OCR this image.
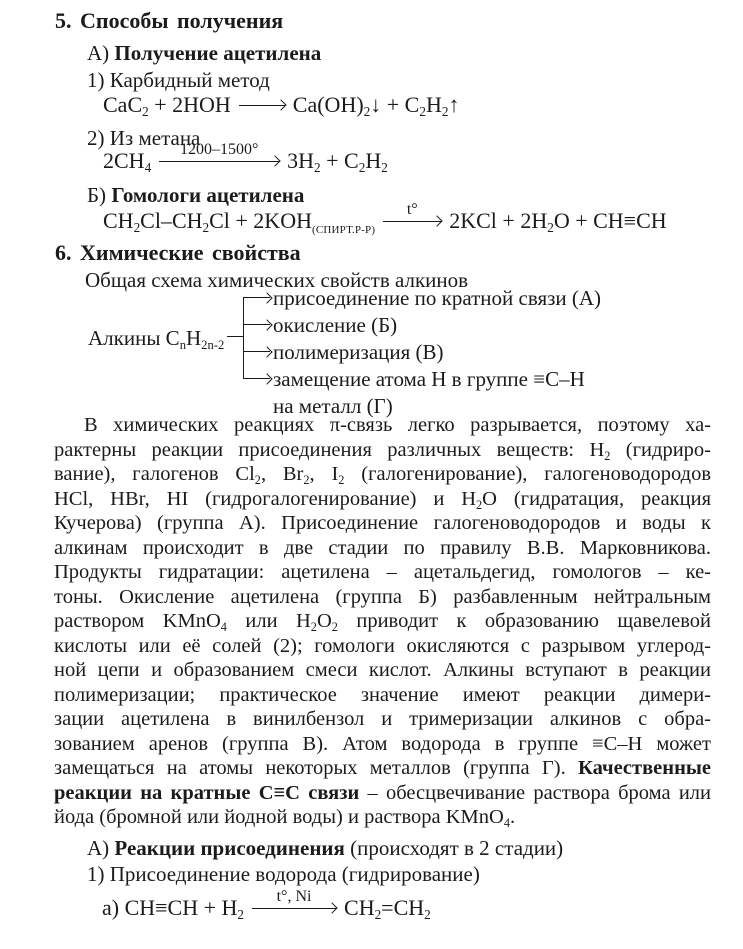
5. Способы получения
А) Получение ацетилена
1) Карбидный метод
CaC$_2$ + 2HOH	$Ca(OH)_2↓$ + $C_2H_2↑$
2) Из метана
$2CH_4$
1200–1500°	$3H_2 + C_2H_2$
Б) Гомологи ацетилена
$CH_2Cl-CH_2Cl + 2KOH_{(СПИРТ.Р-Р)}$
t°	$2KCl + 2H_2O + CH\equiv CH$
6. Химические свойства
Общая схема химических свойств алкинов
Алкины $C_nH_{2n-2}$
присоединение по кратной связи (А)
окисление (Б)
полимеризация (В)
замещение атома Н в группе ≡С–Н
на металл (Г)
В химических реакциях π-связь легко разрывается, поэтому ха-
рактерны реакции присоединения различных веществ: $H_2$ (гидриро-
вание), галогенов $Cl_2$, $Br_2$, $I_2$ (галогенирование), галогеноводородов
HCl, HBr, HI (гидрогалогенирование) и $H_2O$ (гидратация, реакция
Кучерова) (группа А). Присоединение галогеноводородов и воды к
алкинам происходит в две стадии по правилу В.В. Марковникова.
Продукты гидратации: ацетилена – ацетальдегид, гомологов – ке-
тоны. Окисление ацетилена (группа Б) разбавленным нейтральным
раствором KMnO$_4$ или $H_2O_2$ приводит к образованию щавелевой
кислоты или её солей (2); гомологи окисляются с разрывом углерод-
ной цепи и образованием смеси кислот. Алкины вступают в реакции
полимеризации; практическое значение имеют реакции димери-
зации ацетилена в винилбензол и тримеризации алкинов с обра-
зованием аренов (группа В). Атом водорода в группе ≡C–H может
замещаться на атомы некоторых металлов (группа Г). Качественные
реакции на кратные C≡C связи – обесцвечивание раствора брома или
йода (бромной или йодной воды) и раствора KMnO$_4$.
А) Реакции присоединения (происходят в 2 стадии)
1) Присоединение водорода (гидрирование)
а) $CH\equiv CH + H_2$
t°, Ni	$CH_2=CH_2$
